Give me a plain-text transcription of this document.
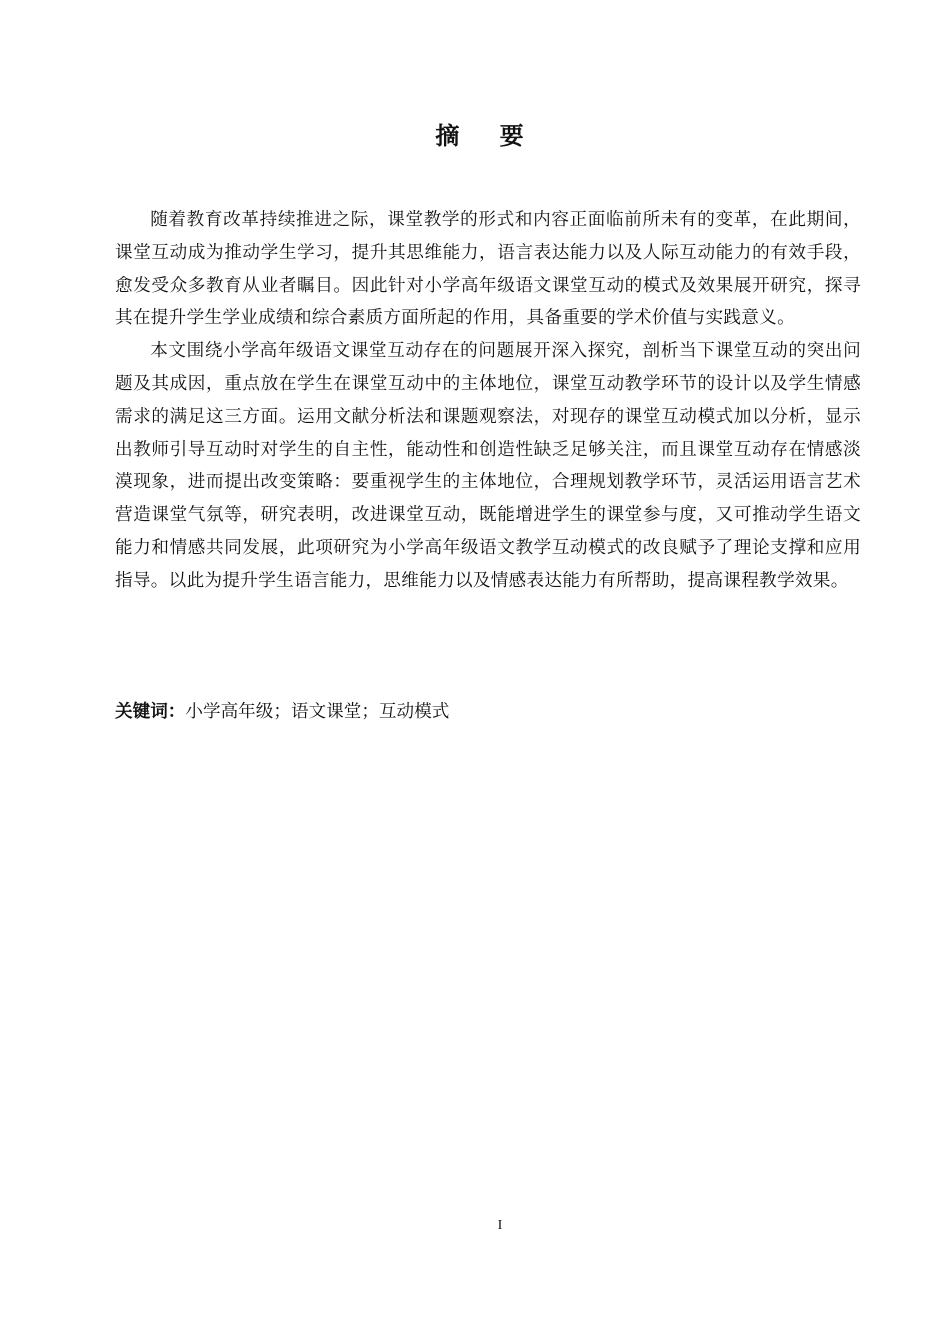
摘 要

随着教育改革持续推进之际，课堂教学的形式和内容正面临前所未有的变革，在此期间，课堂互动成为推动学生学习，提升其思维能力，语言表达能力以及人际互动能力的有效手段，愈发受众多教育从业者瞩目。因此针对小学高年级语文课堂互动的模式及效果展开研究，探寻其在提升学生学业成绩和综合素质方面所起的作用，具备重要的学术价值与实践意义。

本文围绕小学高年级语文课堂互动存在的问题展开深入探究，剖析当下课堂互动的突出问题及其成因，重点放在学生在课堂互动中的主体地位，课堂互动教学环节的设计以及学生情感需求的满足这三方面。运用文献分析法和课题观察法，对现存的课堂互动模式加以分析，显示出教师引导互动时对学生的自主性，能动性和创造性缺乏足够关注，而且课堂互动存在情感淡漠现象，进而提出改变策略：要重视学生的主体地位，合理规划教学环节，灵活运用语言艺术营造课堂气氛等，研究表明，改进课堂互动，既能增进学生的课堂参与度，又可推动学生语文能力和情感共同发展，此项研究为小学高年级语文教学互动模式的改良赋予了理论支撑和应用指导。以此为提升学生语言能力，思维能力以及情感表达能力有所帮助，提高课程教学效果。

关键词：小学高年级；语文课堂；互动模式
I
